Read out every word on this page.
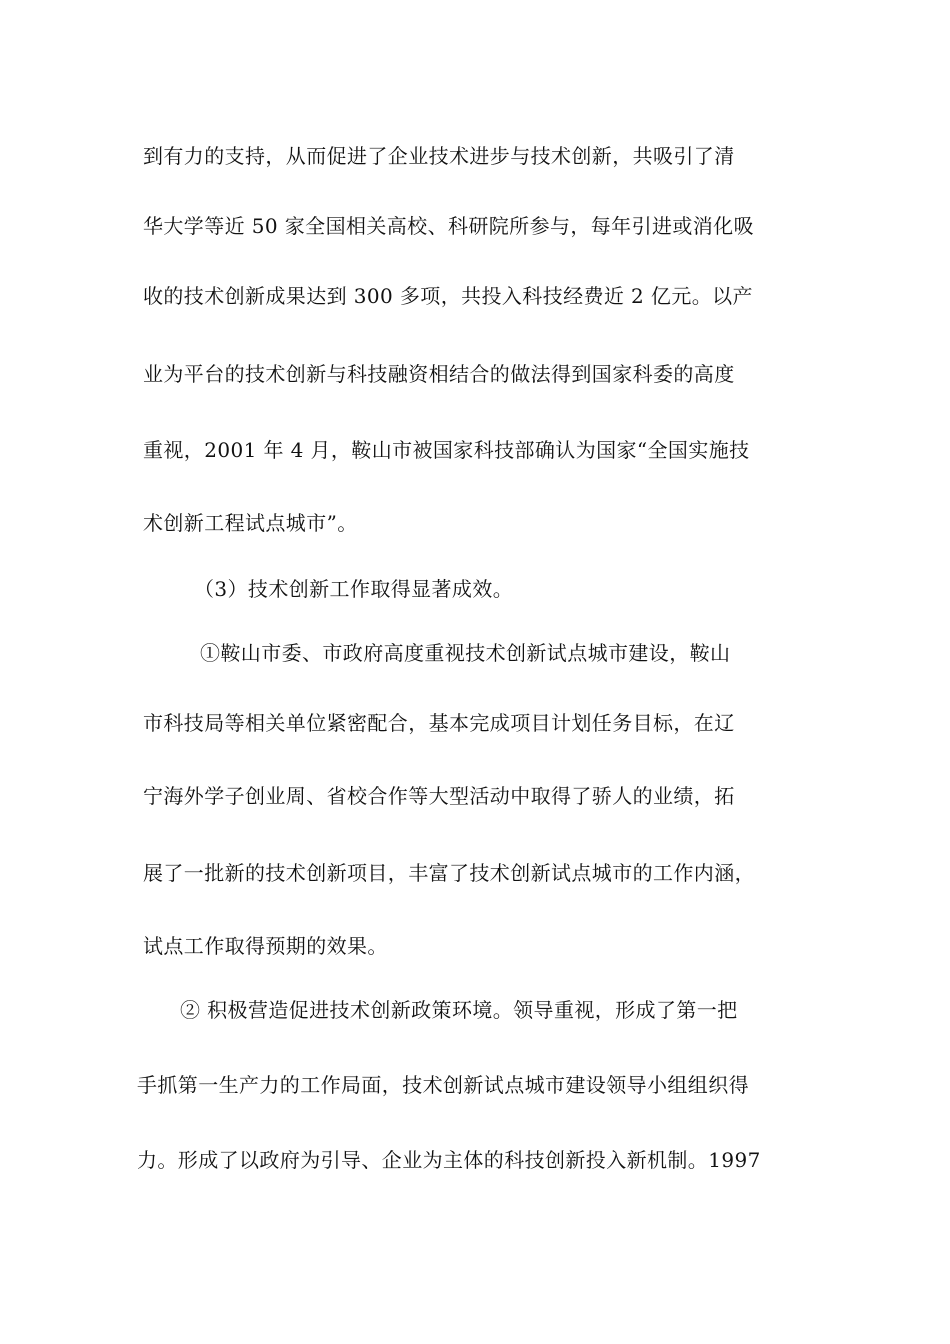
到有力的支持，从而促进了企业技术进步与技术创新，共吸引了清
华大学等近 50 家全国相关高校、科研院所参与，每年引进或消化吸
收的技术创新成果达到 300 多项，共投入科技经费近 2 亿元。以产
业为平台的技术创新与科技融资相结合的做法得到国家科委的高度
重视，2001 年 4 月，鞍山市被国家科技部确认为国家“全国实施技
术创新工程试点城市”。
（3）技术创新工作取得显著成效。
①鞍山市委、市政府高度重视技术创新试点城市建设，鞍山
市科技局等相关单位紧密配合，基本完成项目计划任务目标，在辽
宁海外学子创业周、省校合作等大型活动中取得了骄人的业绩，拓
展了一批新的技术创新项目，丰富了技术创新试点城市的工作内涵，
试点工作取得预期的效果。
② 积极营造促进技术创新政策环境。领导重视，形成了第一把
手抓第一生产力的工作局面，技术创新试点城市建设领导小组组织得
力。形成了以政府为引导、企业为主体的科技创新投入新机制。1997
